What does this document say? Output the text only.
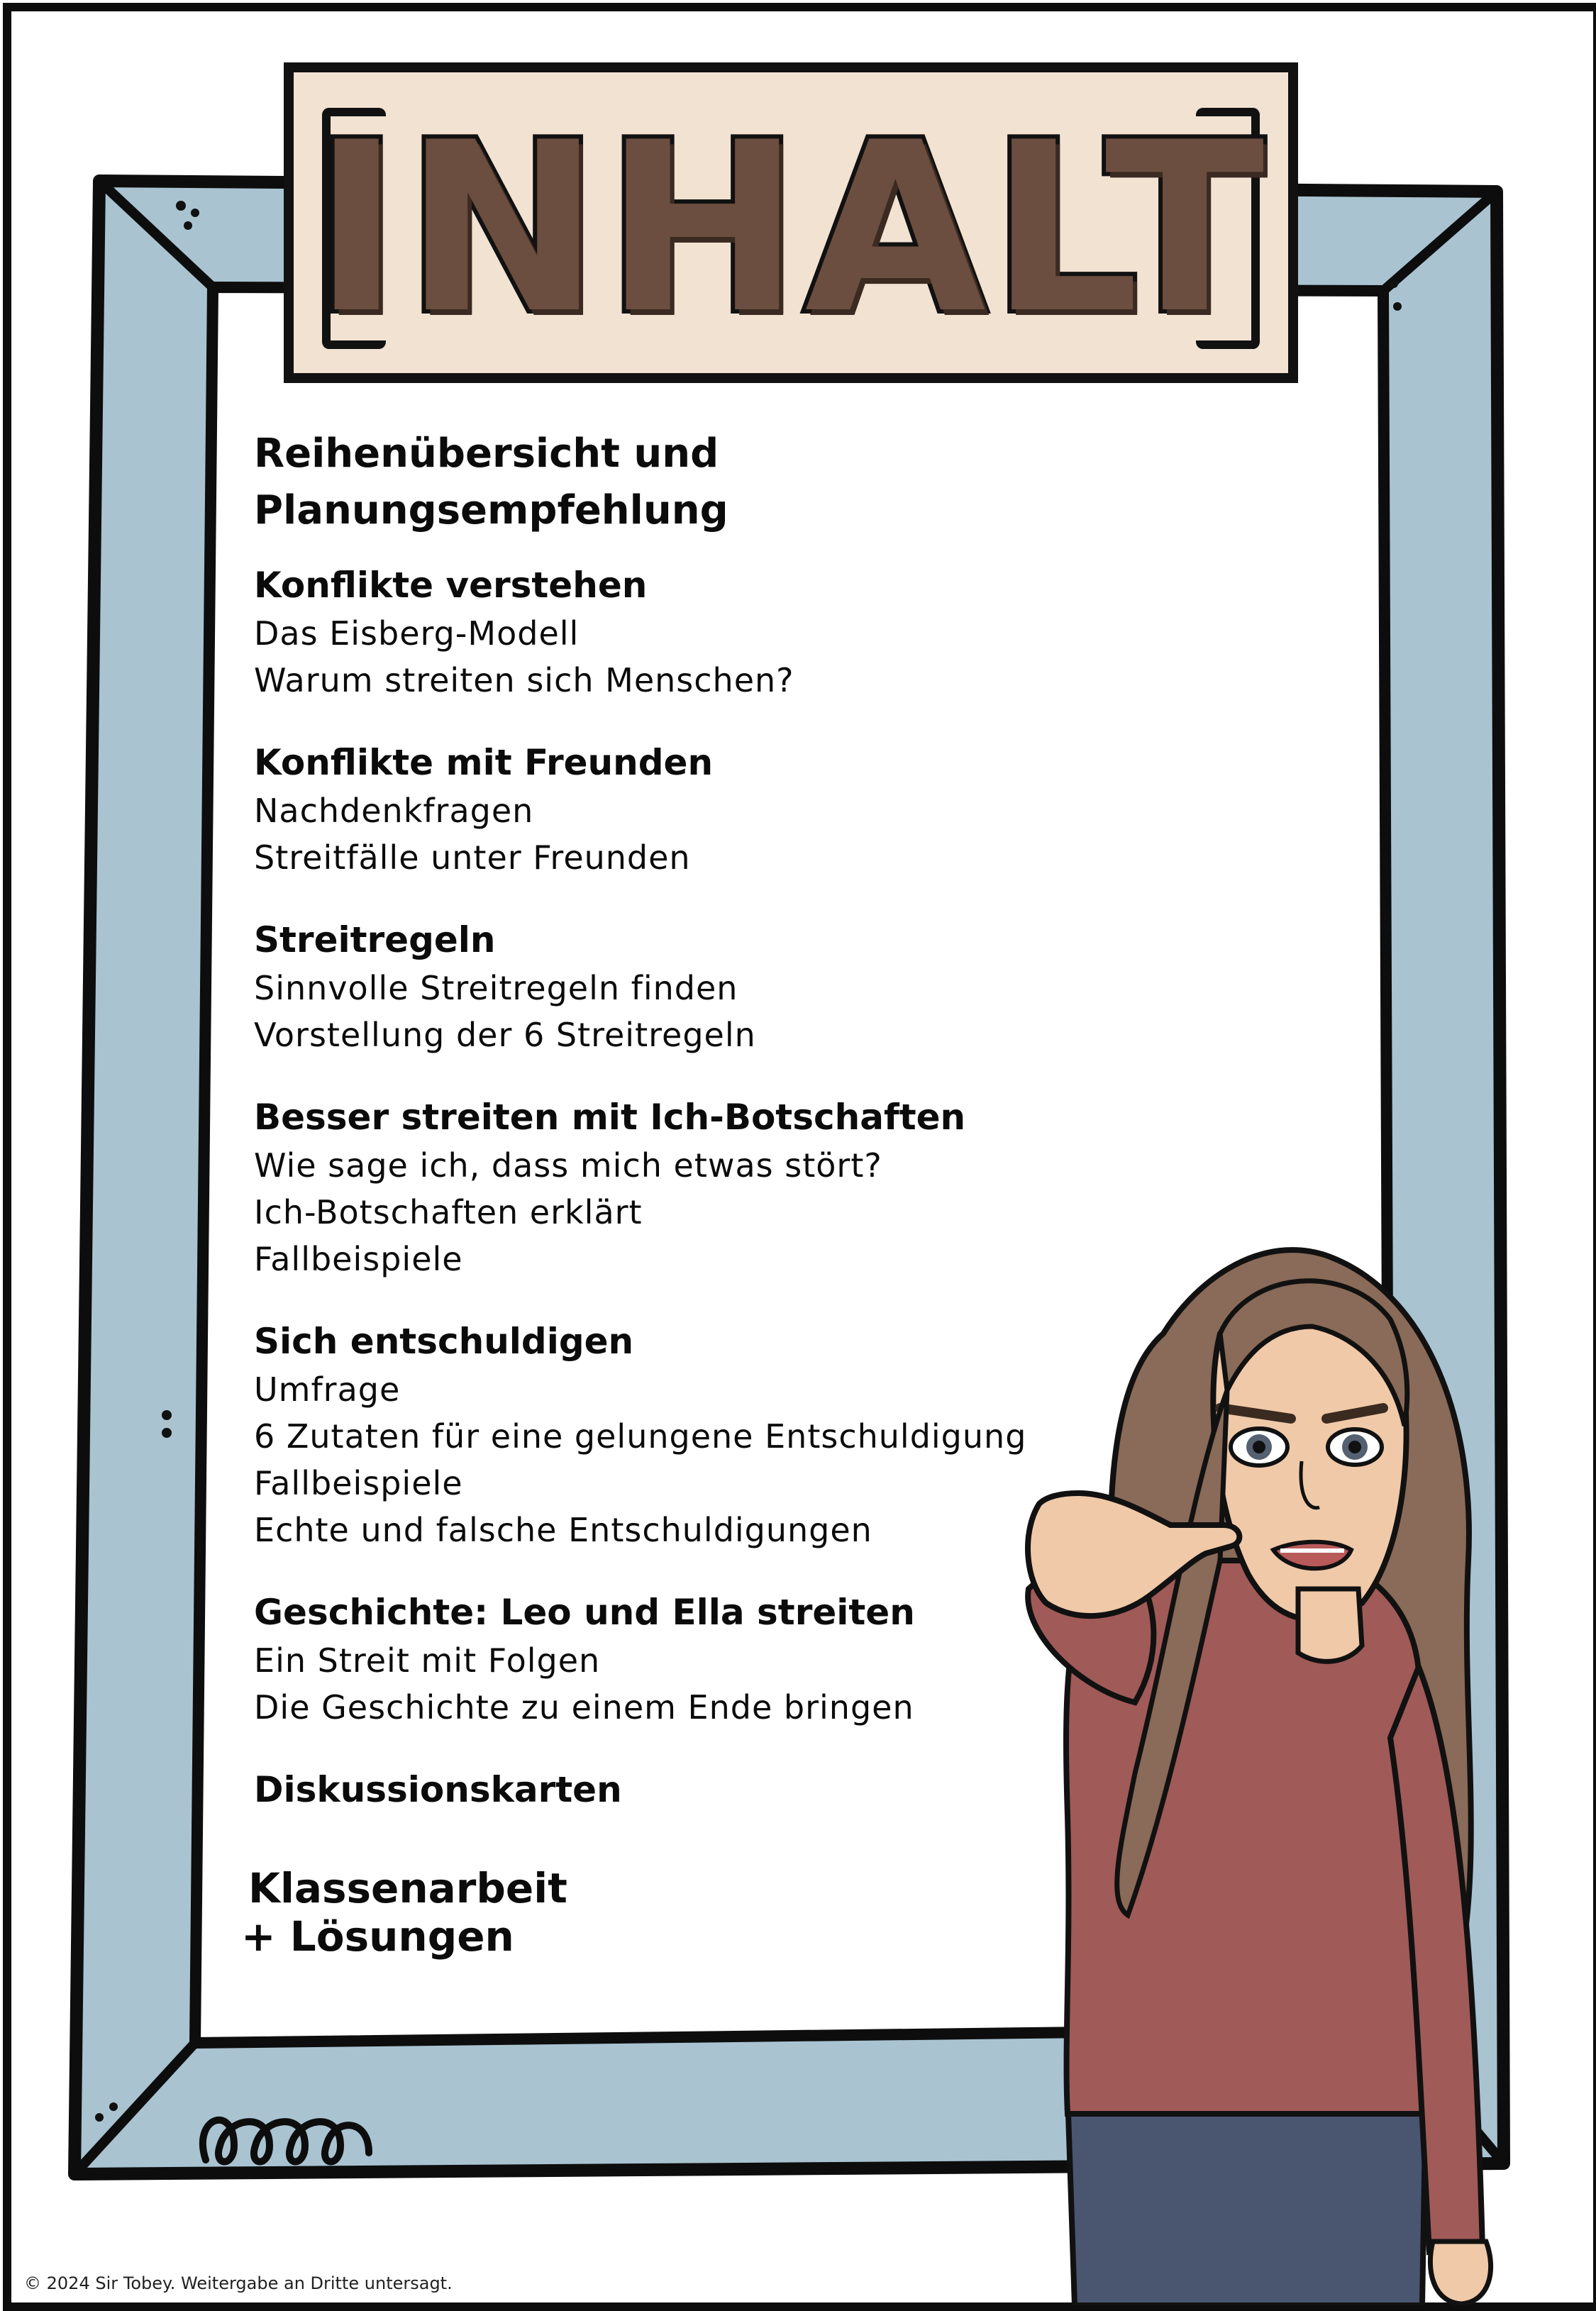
INHALT
Reihenübersicht und Planungsempfehlung
Konflikte verstehen
Das Eisberg-Modell
Warum streiten sich Menschen?
Konflikte mit Freunden
Nachdenkfragen
Streitfälle unter Freunden
Streitregeln
Sinnvolle Streitregeln finden
Vorstellung der 6 Streitregeln
Besser streiten mit Ich-Botschaften
Wie sage ich, dass mich etwas stört?
Ich-Botschaften erklärt
Fallbeispiele
Sich entschuldigen
Umfrage
6 Zutaten für eine gelungene Entschuldigung
Fallbeispiele
Echte und falsche Entschuldigungen
Geschichte: Leo und Ella streiten
Ein Streit mit Folgen
Die Geschichte zu einem Ende bringen
Diskussionskarten
Klassenarbeit
+ Lösungen
© 2024 Sir Tobey. Weitergabe an Dritte untersagt.
